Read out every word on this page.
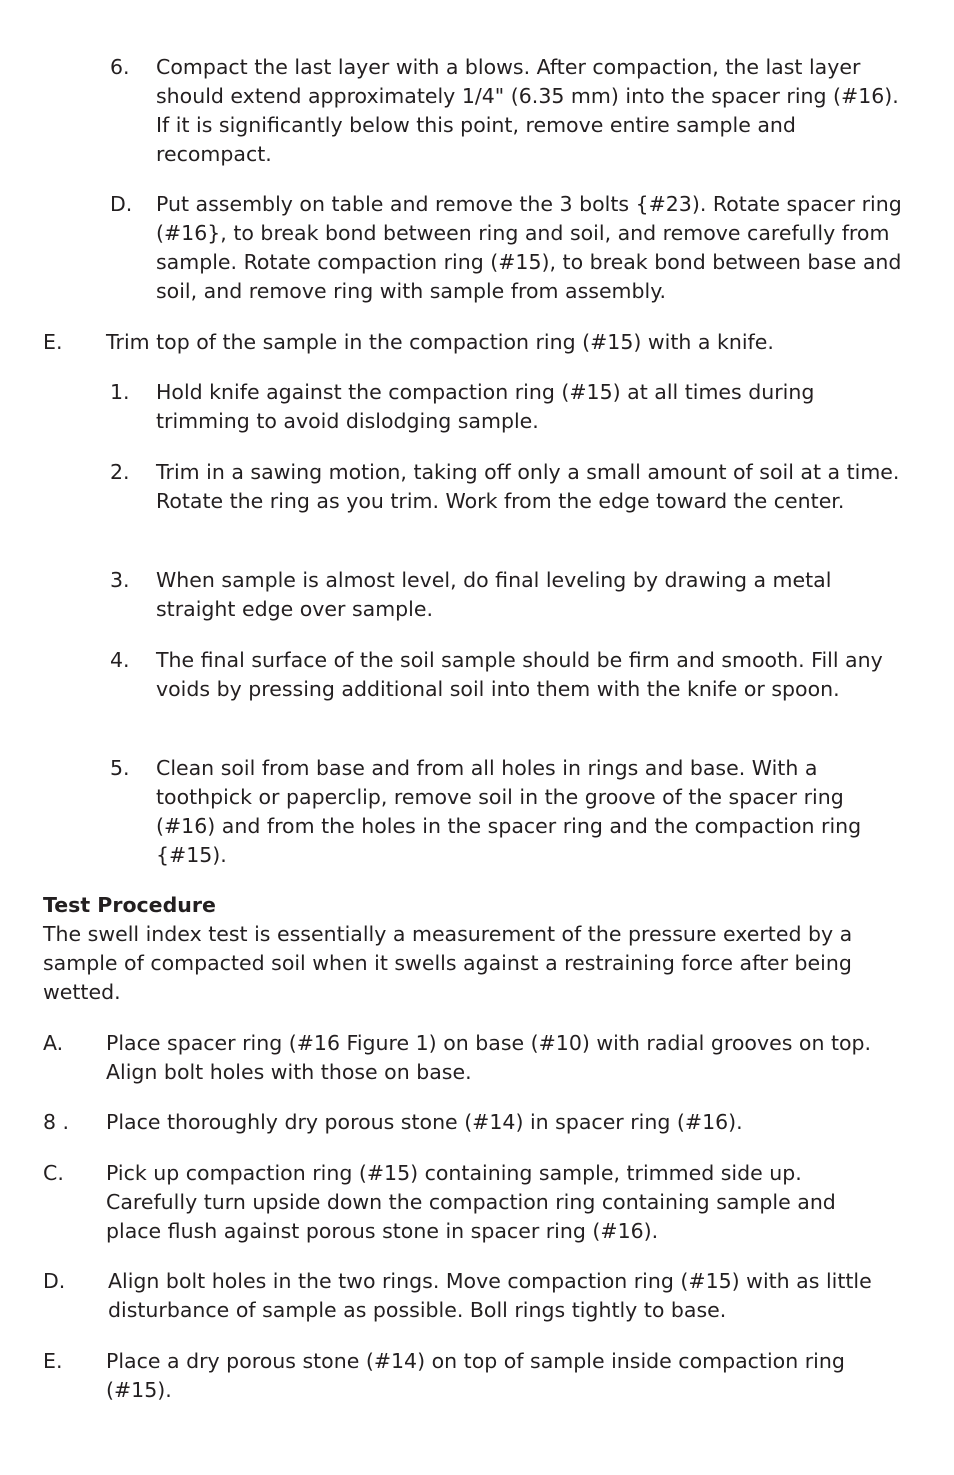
6. Compact the last layer with a blows. After compaction, the last layer should extend approximately 1/4" (6.35 mm) into the spacer ring (#16). If it is significantly below this point, remove entire sample and recompact.
D. Put assembly on table and remove the 3 bolts {#23). Rotate spacer ring (#16}, to break bond between ring and soil, and remove carefully from sample. Rotate compaction ring (#15), to break bond between base and soil, and remove ring with sample from assembly.
E. Trim top of the sample in the compaction ring (#15) with a knife.
1. Hold knife against the compaction ring (#15) at all times during trimming to avoid dislodging sample.
2. Trim in a sawing motion, taking off only a small amount of soil at a time. Rotate the ring as you trim. Work from the edge toward the center.
3. When sample is almost level, do final leveling by drawing a metal straight edge over sample.
4. The final surface of the soil sample should be firm and smooth. Fill any voids by pressing additional soil into them with the knife or spoon.
5. Clean soil from base and from all holes in rings and base. With a toothpick or paperclip, remove soil in the groove of the spacer ring (#16) and from the holes in the spacer ring and the compaction ring {#15).
Test Procedure
The swell index test is essentially a measurement of the pressure exerted by a sample of compacted soil when it swells against a restraining force after being wetted.
A. Place spacer ring (#16 Figure 1) on base (#10) with radial grooves on top. Align bolt holes with those on base.
8 . Place thoroughly dry porous stone (#14) in spacer ring (#16).
C. Pick up compaction ring (#15) containing sample, trimmed side up. Carefully turn upside down the compaction ring containing sample and place flush against porous stone in spacer ring (#16).
D. Align bolt holes in the two rings. Move compaction ring (#15) with as little disturbance of sample as possible. Boll rings tightly to base.
E. Place a dry porous stone (#14) on top of sample inside compaction ring (#15).
